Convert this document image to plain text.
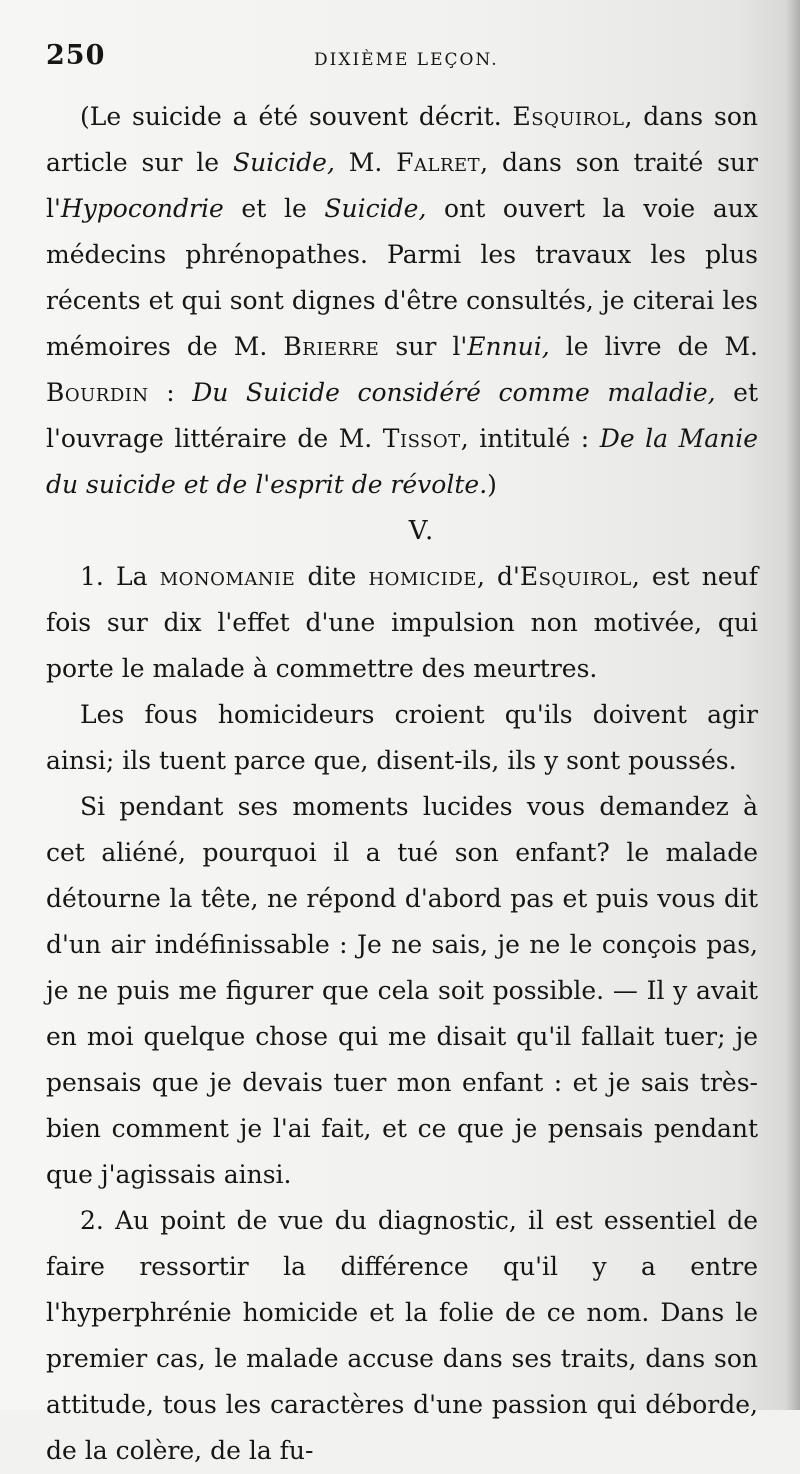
250	DIXIÈME LEÇON.

(Le suicide a été souvent décrit. Esquirol, dans son article sur le Suicide, M. Falret, dans son traité sur l'Hypocondrie et le Suicide, ont ouvert la voie aux médecins phrénopathes. Parmi les travaux les plus récents et qui sont dignes d'être consultés, je citerai les mémoires de M. Brierre sur l'Ennui, le livre de M. Bourdin : Du Suicide considéré comme maladie, et l'ouvrage littéraire de M. Tissot, intitulé : De la Manie du suicide et de l'esprit de révolte.)

V.

1. La monomanie dite homicide, d'Esquirol, est neuf fois sur dix l'effet d'une impulsion non motivée, qui porte le malade à commettre des meurtres.

Les fous homicideurs croient qu'ils doivent agir ainsi; ils tuent parce que, disent-ils, ils y sont poussés.

Si pendant ses moments lucides vous demandez à cet aliéné, pourquoi il a tué son enfant? le malade détourne la tête, ne répond d'abord pas et puis vous dit d'un air indéfinissable : Je ne sais, je ne le conçois pas, je ne puis me figurer que cela soit possible. — Il y avait en moi quelque chose qui me disait qu'il fallait tuer; je pensais que je devais tuer mon enfant : et je sais très-bien comment je l'ai fait, et ce que je pensais pendant que j'agissais ainsi.

2. Au point de vue du diagnostic, il est essentiel de faire ressortir la différence qu'il y a entre l'hyperphrénie homicide et la folie de ce nom. Dans le premier cas, le malade accuse dans ses traits, dans son attitude, tous les caractères d'une passion qui déborde, de la colère, de la fu-
